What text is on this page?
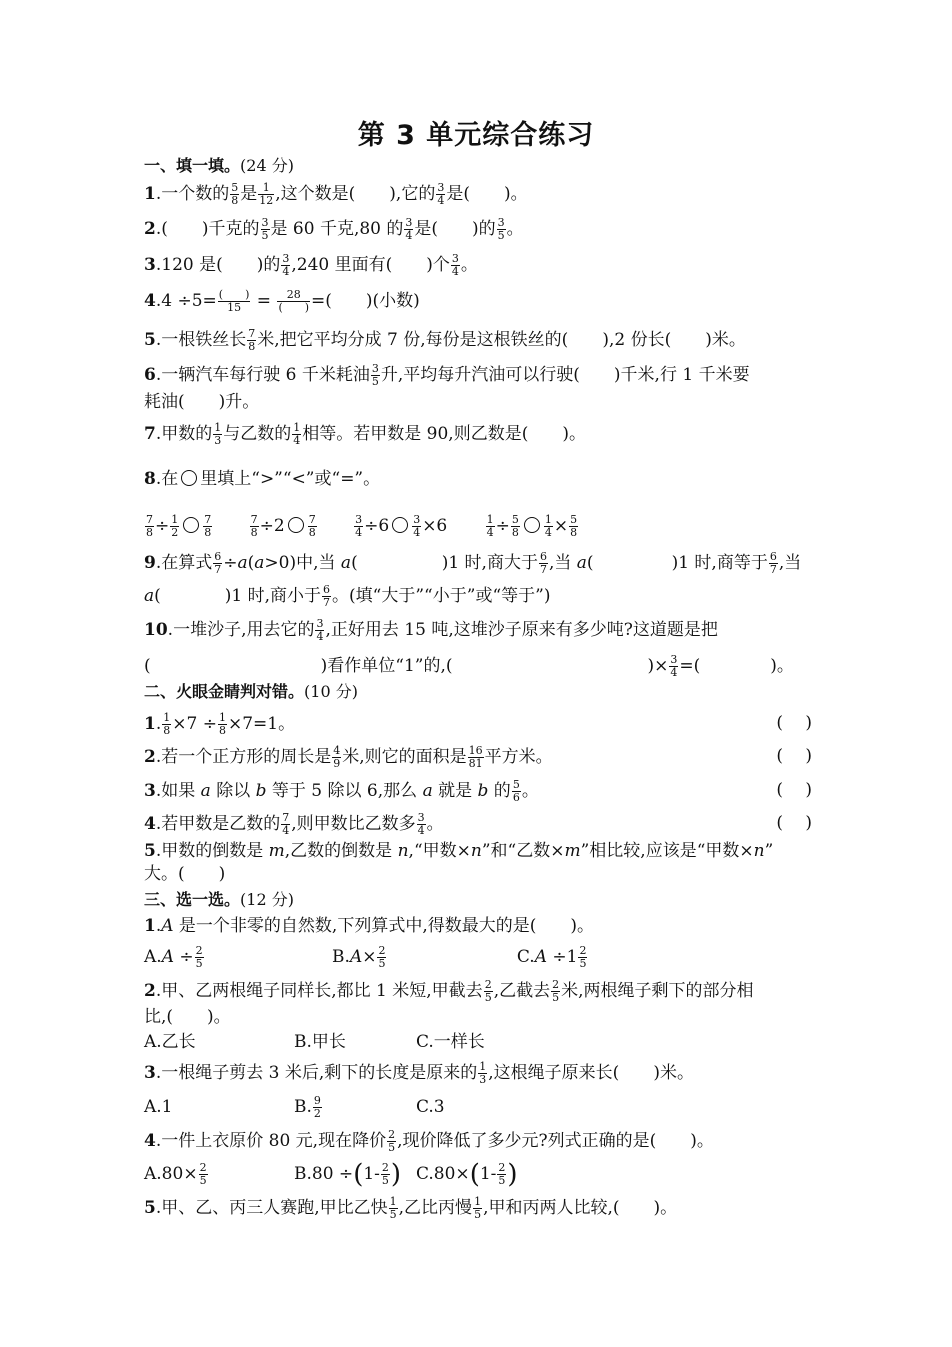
第 3 单元综合练习
一、填一填。(24 分)
1.一个数的 $\frac{5}{8}$ 是 $\frac{1}{12}$ ,这个数是(　　),它的 $\frac{3}{4}$ 是(　　)。
2.(　　)千克的 $\frac{3}{5}$ 是 60 千克,80 的 $\frac{3}{4}$ 是(　　)的 $\frac{3}{5}$ 。
3.120 是(　　)的 $\frac{3}{4} ,240$ 里面有(　　)个 $\frac{3}{4}$ 。
4.4 ÷5= (　　)
15 = 28
(　　) =(　　)(小数)
5.一根铁丝长 $\frac{7}{8}$ 米,把它平均分成 7 份,每份是这根铁丝的(　　),2 份长(　　)米。
6.一辆汽车每行驶 6 千米耗油 $\frac{3}{5}$ 升,平均每升汽油可以行驶(　　)千米,行 1 千米要
耗油(　　)升。
7.甲数的 $\frac{1}{3}$ 与乙数的 $\frac{1}{4}$ 相等。若甲数是 90,则乙数是(　　)。
8.在 里填上“>”“<”或“=”。
$\frac{7}{8} \div \frac{1}{2} \frac{7}{8}$
	$\frac{7}{8} \div 2 \frac{7}{8}$
	$\frac{3}{4} \div 6 \frac{3}{4} \times 6$	$\frac{1}{4} \div \frac{5}{8} \frac{1}{4} \times \frac{5}{8}$
9.在算式 $\frac{6}{7} \div a(a>0)$中,当 a(	)1 时,商大于 $\frac{6}{7}$ ,当 a(	)1 时,商等于 $\frac{6}{7}$ ,当
a(	)1 时,商小于 $\frac{6}{7}$ 。(填“大于”“小于”或“等于”)
10.一堆沙子,用去它的 $\frac{3}{4}$ ,正好用去 15 吨,这堆沙子原来有多少吨?这道题是把
(	)看作单位“1”的,(	)× $\frac{3}{4}$ =(	)。
二、火眼金睛判对错。(10 分)
1. $\frac{1}{8} \times 7 \div \frac{1}{8} \times 7=1$。	(　 )
2.若一个正方形的周长是 $\frac{4}{9}$ 米,则它的面积是 $\frac{16}{81}$ 平方米。	(　 )
3.如果 a 除以 b 等于 5 除以 6,那么 a 就是 b 的 $\frac{5}{6}$ 。	(　 )
4.若甲数是乙数的 $\frac{7}{4}$ ,则甲数比乙数多 $\frac{3}{4}$ 。	(　 )
5.甲数的倒数是 m,乙数的倒数是 n,“甲数×n”和“乙数×m”相比较,应该是“甲数×n”
大。(　　)
三、选一选。(12 分)
1.A 是一个非零的自然数,下列算式中,得数最大的是(　　)。
$A.A \div \frac{2}{5}$	$B.A\times \frac{2}{5}$	$C.A \div 1 \frac{2}{5}$
2.甲、乙两根绳子同样长,都比 1 米短,甲截去 $\frac{2}{5}$ ,乙截去 $\frac{2}{5}$ 米,两根绳子剩下的部分相
比,(　　)。
A.乙长	B.甲长	C.一样长
3.一根绳子剪去 3 米后,剩下的长度是原来的 $\frac{1}{3}$ ,这根绳子原来长(　　)米。
A.1	B. $\frac{9}{2}$	C.3
4.一件上衣原价 80 元,现在降价 $\frac{2}{5}$ ,现价降低了多少元?列式正确的是(　　)。
$A.80\times \frac{2}{5}$	$B.80 \div(1- \frac{2}{5}$ ) $C.80\times(1- \frac{2}{5}$ )
5.甲、乙、丙三人赛跑,甲比乙快 $\frac{1}{5}$ ,乙比丙慢 $\frac{1}{5}$ ,甲和丙两人比较,(　　)。
